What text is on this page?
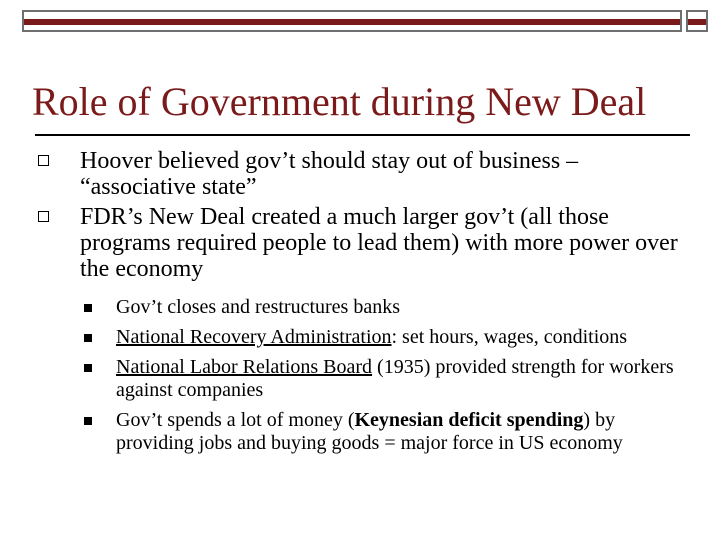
Role of Government during New Deal
Hoover believed gov’t should stay out of business – “associative state”
FDR’s New Deal created a much larger gov’t (all those programs required people to lead them) with more power over the economy
Gov’t closes and restructures banks
National Recovery Administration: set hours, wages, conditions
National Labor Relations Board (1935) provided strength for workers against companies
Gov’t spends a lot of money (Keynesian deficit spending) by providing jobs and buying goods = major force in US economy
